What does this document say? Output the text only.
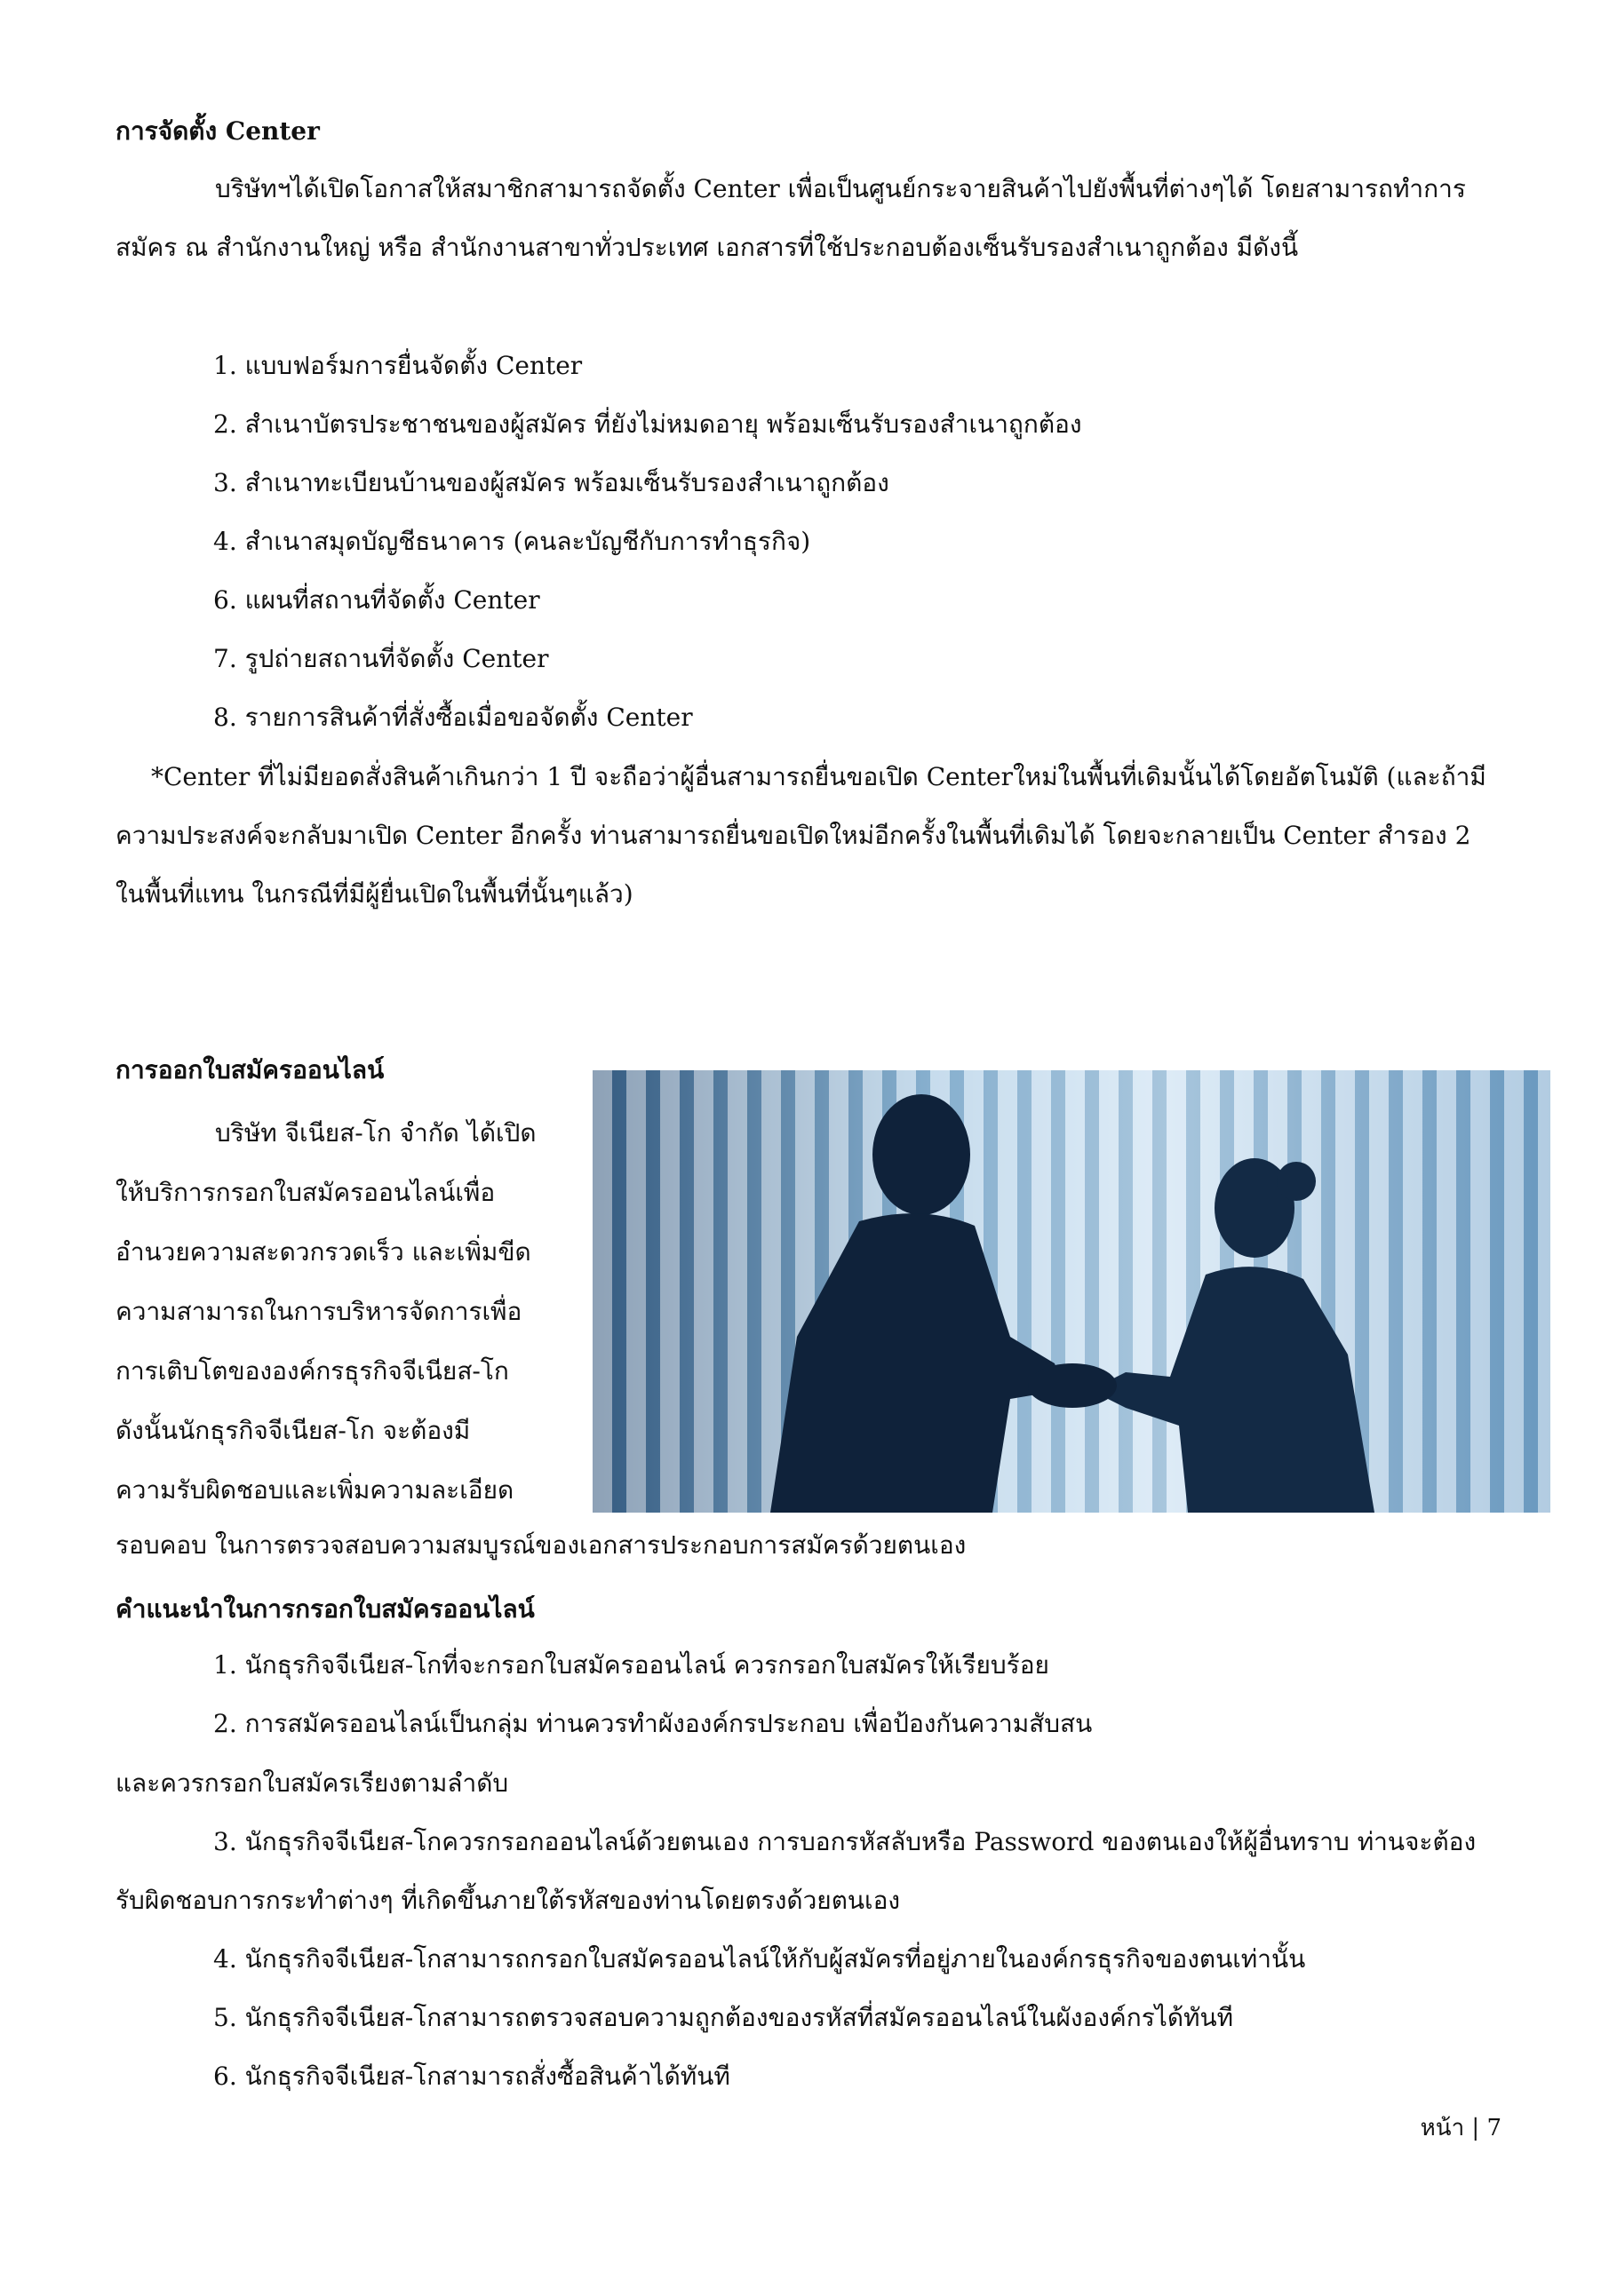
การจัดตั้ง Center

บริษัทฯได้เปิดโอกาสให้สมาชิกสามารถจัดตั้ง Center เพื่อเป็นศูนย์กระจายสินค้าไปยังพื้นที่ต่างๆได้ โดยสามารถทำการสมัคร ณ สำนักงานใหญ่ หรือ สำนักงานสาขาทั่วประเทศ เอกสารที่ใช้ประกอบต้องเซ็นรับรองสำเนาถูกต้อง มีดังนี้

1. แบบฟอร์มการยื่นจัดตั้ง Center
2. สำเนาบัตรประชาชนของผู้สมัคร ที่ยังไม่หมดอายุ พร้อมเซ็นรับรองสำเนาถูกต้อง
3. สำเนาทะเบียนบ้านของผู้สมัคร พร้อมเซ็นรับรองสำเนาถูกต้อง
4. สำเนาสมุดบัญชีธนาคาร (คนละบัญชีกับการทำธุรกิจ)
6. แผนที่สถานที่จัดตั้ง Center
7. รูปถ่ายสถานที่จัดตั้ง Center
8. รายการสินค้าที่สั่งซื้อเมื่อขอจัดตั้ง Center

*Center ที่ไม่มียอดสั่งสินค้าเกินกว่า 1 ปี จะถือว่าผู้อื่นสามารถยื่นขอเปิด Centerใหม่ในพื้นที่เดิมนั้นได้โดยอัตโนมัติ (และถ้ามีความประสงค์จะกลับมาเปิด Center อีกครั้ง ท่านสามารถยื่นขอเปิดใหม่อีกครั้งในพื้นที่เดิมได้ โดยจะกลายเป็น Center สำรอง 2 ในพื้นที่แทน ในกรณีที่มีผู้ยื่นเปิดในพื้นที่นั้นๆแล้ว)

การออกใบสมัครออนไลน์
บริษัท จีเนียส-โก จำกัด ได้เปิด
ให้บริการกรอกใบสมัครออนไลน์เพื่อ
อำนวยความสะดวกรวดเร็ว และเพิ่มขีด
ความสามารถในการบริหารจัดการเพื่อ
การเติบโตขององค์กรธุรกิจจีเนียส-โก
ดังนั้นนักธุรกิจจีเนียส-โก จะต้องมี
ความรับผิดชอบและเพิ่มความละเอียด
รอบคอบ ในการตรวจสอบความสมบูรณ์ของเอกสารประกอบการสมัครด้วยตนเอง
คำแนะนำในการกรอกใบสมัครออนไลน์
1. นักธุรกิจจีเนียส-โกที่จะกรอกใบสมัครออนไลน์ ควรกรอกใบสมัครให้เรียบร้อย
2. การสมัครออนไลน์เป็นกลุ่ม ท่านควรทำผังองค์กรประกอบ เพื่อป้องกันความสับสน
และควรกรอกใบสมัครเรียงตามลำดับ

3. นักธุรกิจจีเนียส-โกควรกรอกออนไลน์ด้วยตนเอง การบอกรหัสลับหรือ Password ของตนเองให้ผู้อื่นทราบ ท่านจะต้องรับผิดชอบการกระทำต่างๆ ที่เกิดขึ้นภายใต้รหัสของท่านโดยตรงด้วยตนเอง

4. นักธุรกิจจีเนียส-โกสามารถกรอกใบสมัครออนไลน์ให้กับผู้สมัครที่อยู่ภายในองค์กรธุรกิจของตนเท่านั้น
5. นักธุรกิจจีเนียส-โกสามารถตรวจสอบความถูกต้องของรหัสที่สมัครออนไลน์ในผังองค์กรได้ทันที
6. นักธุรกิจจีเนียส-โกสามารถสั่งซื้อสินค้าได้ทันที
หน้า | 7
